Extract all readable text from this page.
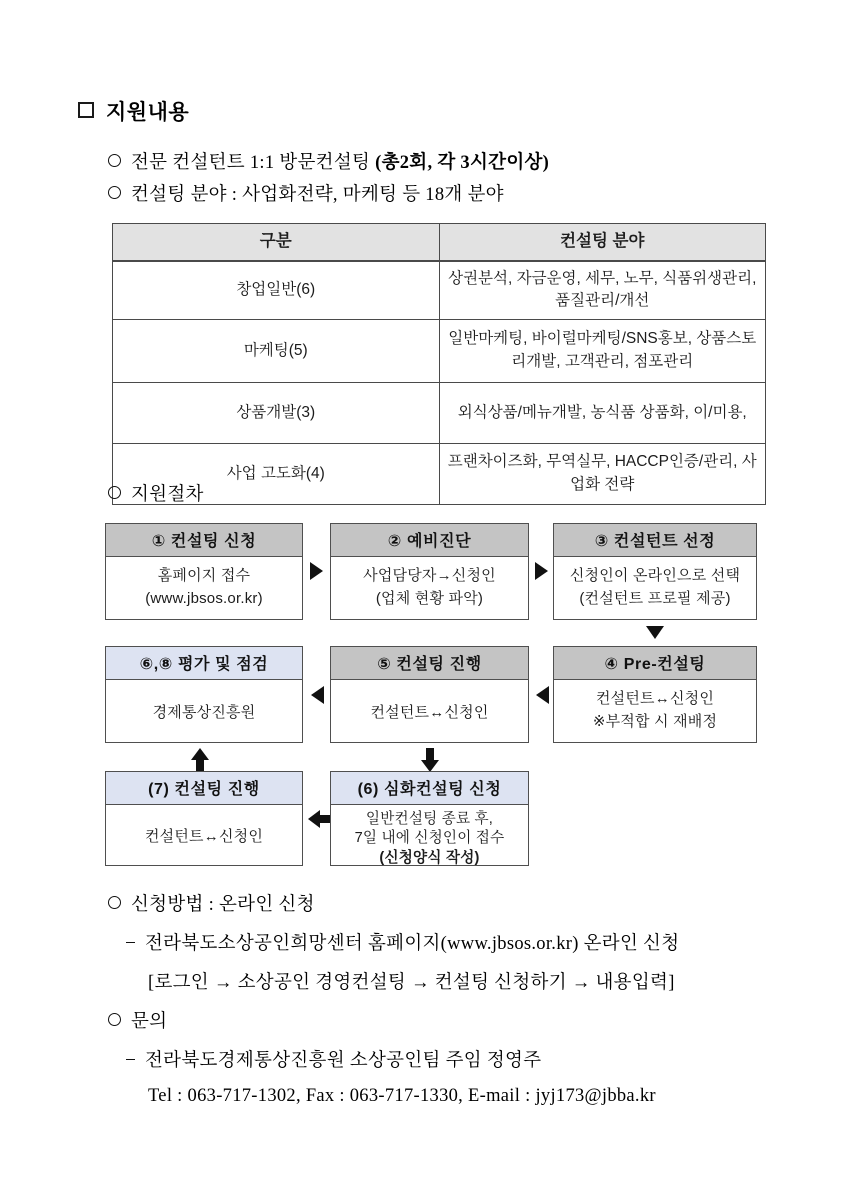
지원내용
전문 컨설턴트 1:1 방문컨설팅 (총2회, 각 3시간이상)
컨설팅 분야 : 사업화전략, 마케팅 등 18개 분야
구분	컨설팅 분야
창업일반(6)	상권분석, 자금운영, 세무, 노무, 식품위생관리, 품질관리/개선
마케팅(5)	일반마케팅, 바이럴마케팅/SNS홍보, 상품스토리개발, 고객관리, 점포관리
상품개발(3)	외식상품/메뉴개발, 농식품 상품화, 이/미용,
사업 고도화(4)	프랜차이즈화, 무역실무, HACCP인증/관리, 사업화 전략
지원절차
① 컨설팅 신청
홈페이지 접수
(www.jbsos.or.kr)
② 예비진단
사업담당자→신청인
(업체 현황 파악)
③ 컨설턴트 선정
신청인이 온라인으로 선택
(컨설턴트 프로필 제공)
⑥,⑧ 평가 및 점검
경제통상진흥원
⑤ 컨설팅 진행
컨설턴트↔신청인
④ Pre-컨설팅
컨설턴트↔신청인
※부적합 시 재배정
(7) 컨설팅 진행
컨설턴트↔신청인
(6) 심화컨설팅 신청
일반컨설팅 종료 후,
7일 내에 신청인이 접수
(신청양식 작성)
신청방법 : 온라인 신청
전라북도소상공인희망센터 홈페이지(www.jbsos.or.kr) 온라인 신청
[로그인 → 소상공인 경영컨설팅 → 컨설팅 신청하기 → 내용입력]
문의
전라북도경제통상진흥원 소상공인팀 주임 정영주
Tel : 063-717-1302, Fax : 063-717-1330, E-mail : jyj173@jbba.kr
